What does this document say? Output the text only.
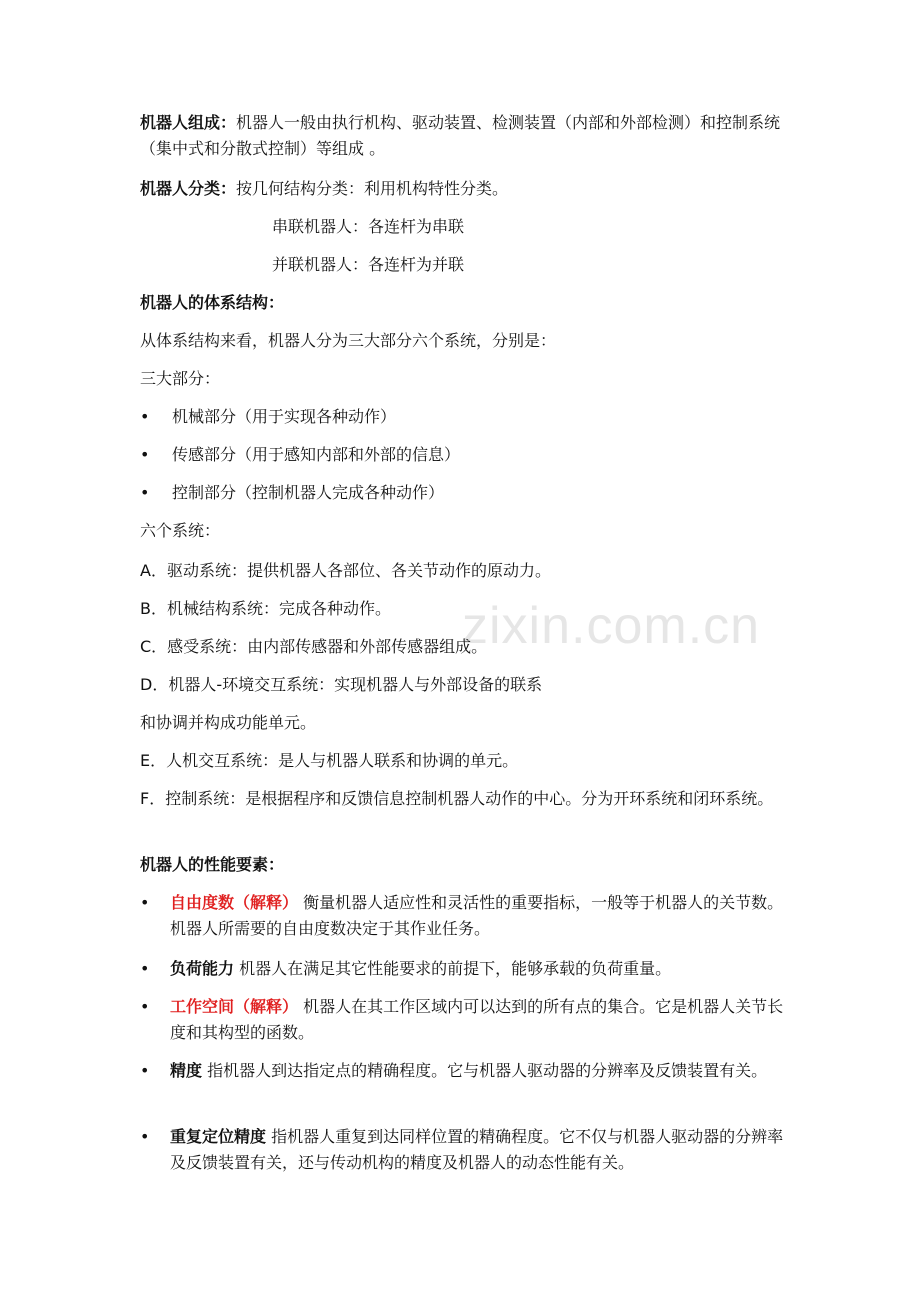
zixin.com.cn
机器人组成：机器人一般由执行机构、驱动装置、检测装置（内部和外部检测）和控制系统（集中式和分散式控制）等组成 。
机器人分类：按几何结构分类：利用机构特性分类。
串联机器人：各连杆为串联
并联机器人：各连杆为并联
机器人的体系结构：
从体系结构来看，机器人分为三大部分六个系统，分别是：
三大部分：
• 机械部分（用于实现各种动作）
• 传感部分（用于感知内部和外部的信息）
• 控制部分（控制机器人完成各种动作）
六个系统：
A．驱动系统：提供机器人各部位、各关节动作的原动力。
B．机械结构系统：完成各种动作。
C．感受系统：由内部传感器和外部传感器组成。
D．机器人-环境交互系统：实现机器人与外部设备的联系
和协调并构成功能单元。
E．人机交互系统：是人与机器人联系和协调的单元。
F．控制系统：是根据程序和反馈信息控制机器人动作的中心。分为开环系统和闭环系统。
机器人的性能要素：
• 自由度数（解释） 衡量机器人适应性和灵活性的重要指标，一般等于机器人的关节数。机器人所需要的自由度数决定于其作业任务。
• 负荷能力 机器人在满足其它性能要求的前提下，能够承载的负荷重量。
• 工作空间（解释） 机器人在其工作区域内可以达到的所有点的集合。它是机器人关节长度和其构型的函数。
• 精度 指机器人到达指定点的精确程度。它与机器人驱动器的分辨率及反馈装置有关。
• 重复定位精度 指机器人重复到达同样位置的精确程度。它不仅与机器人驱动器的分辨率及反馈装置有关，还与传动机构的精度及机器人的动态性能有关。
